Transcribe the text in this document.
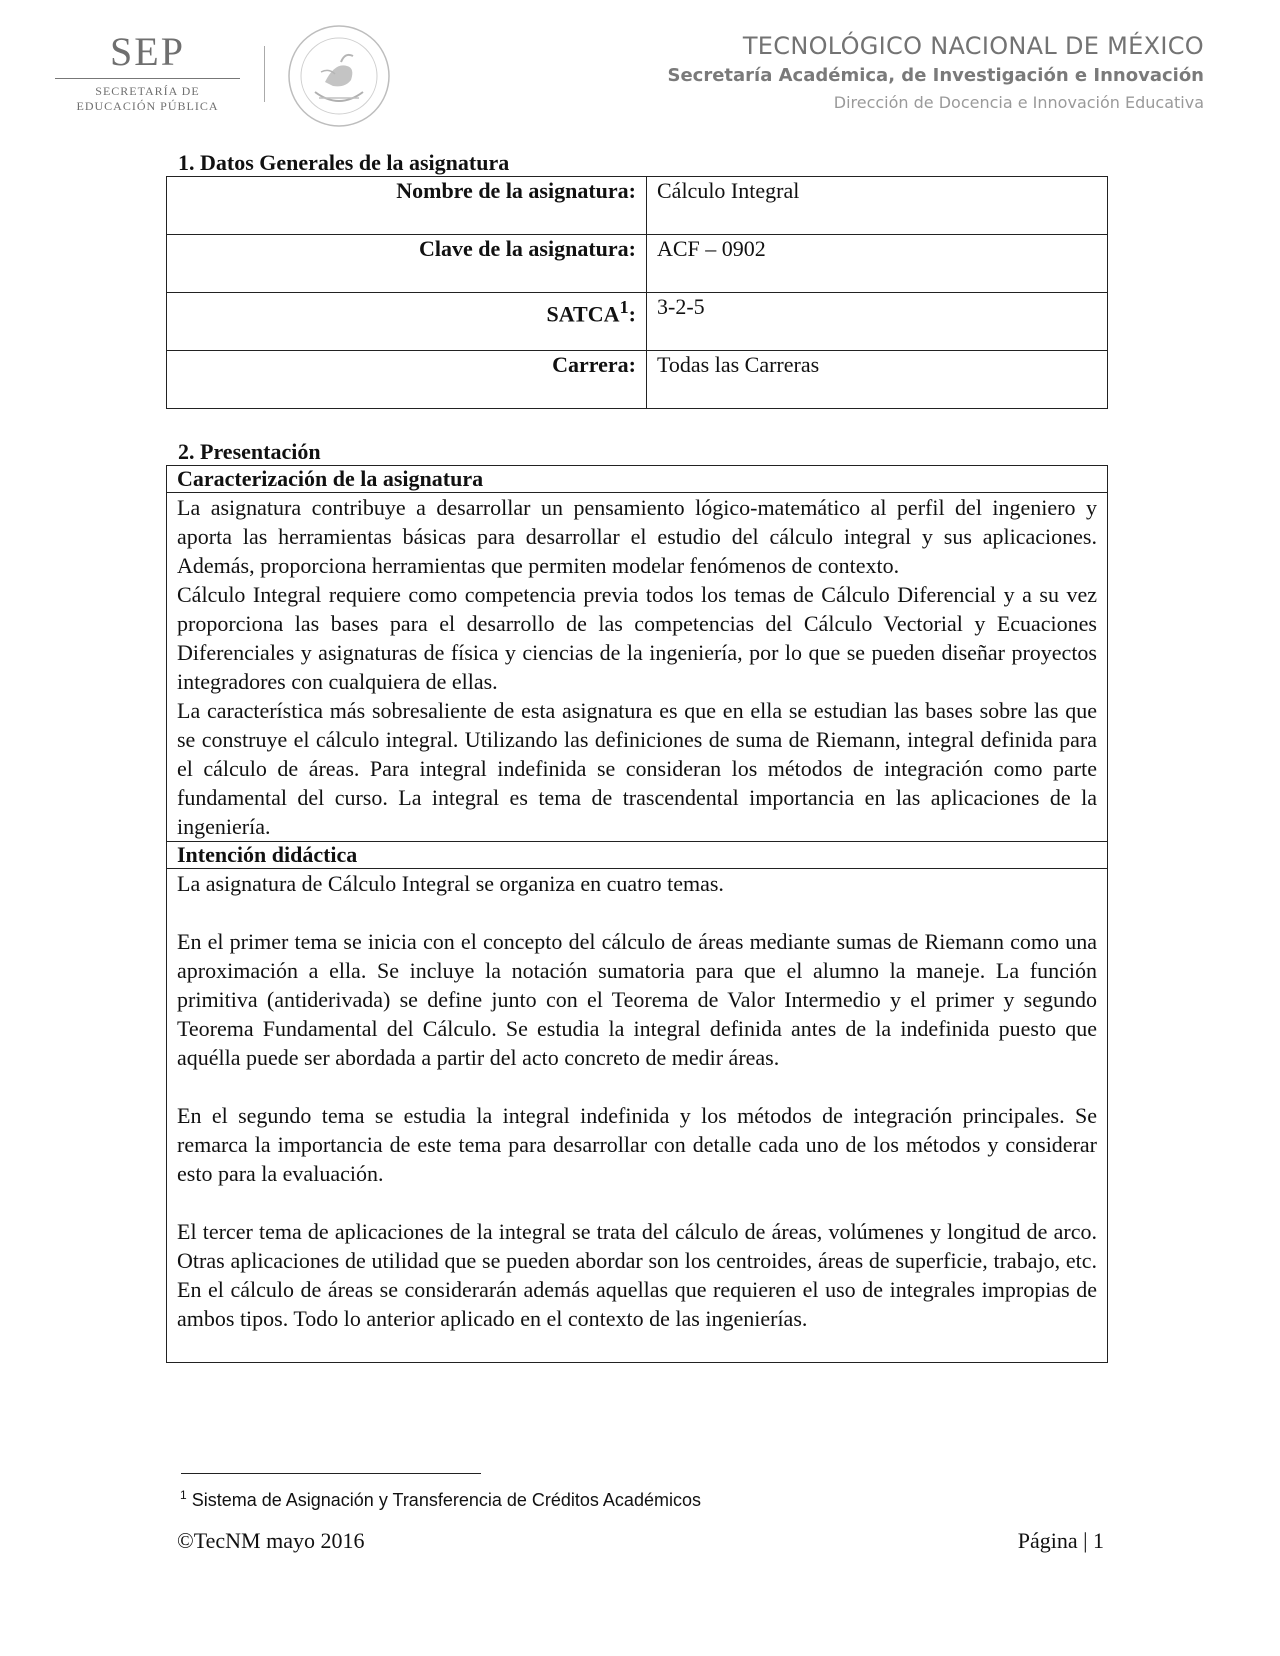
SEP
SECRETARÍA DE
EDUCACIÓN PÚBLICA
TECNOLÓGICO NACIONAL DE MÉXICO
Secretaría Académica, de Investigación e Innovación
Dirección de Docencia e Innovación Educativa
1. Datos Generales de la asignatura
Nombre de la asignatura:	Cálculo Integral
Clave de la asignatura:	ACF – 0902
SATCA$^1$:	3-2-5
Carrera:	Todas las Carreras
2. Presentación
Caracterización de la asignatura

La asignatura contribuye a desarrollar un pensamiento lógico-matemático al perfil del ingeniero y aporta las herramientas básicas para desarrollar el estudio del cálculo integral y sus aplicaciones. Además, proporciona herramientas que permiten modelar fenómenos de contexto.

Cálculo Integral requiere como competencia previa todos los temas de Cálculo Diferencial y a su vez proporciona las bases para el desarrollo de las competencias del Cálculo Vectorial y Ecuaciones Diferenciales y asignaturas de física y ciencias de la ingeniería, por lo que se pueden diseñar proyectos integradores con cualquiera de ellas.

La característica más sobresaliente de esta asignatura es que en ella se estudian las bases sobre las que se construye el cálculo integral. Utilizando las definiciones de suma de Riemann, integral definida para el cálculo de áreas. Para integral indefinida se consideran los métodos de integración como parte fundamental del curso. La integral es tema de trascendental importancia en las aplicaciones de la ingeniería.

Intención didáctica

La asignatura de Cálculo Integral se organiza en cuatro temas.

En el primer tema se inicia con el concepto del cálculo de áreas mediante sumas de Riemann como una aproximación a ella. Se incluye la notación sumatoria para que el alumno la maneje. La función primitiva (antiderivada) se define junto con el Teorema de Valor Intermedio y el primer y segundo Teorema Fundamental del Cálculo. Se estudia la integral definida antes de la indefinida puesto que aquélla puede ser abordada a partir del acto concreto de medir áreas.

En el segundo tema se estudia la integral indefinida y los métodos de integración principales. Se remarca la importancia de este tema para desarrollar con detalle cada uno de los métodos y considerar esto para la evaluación.

El tercer tema de aplicaciones de la integral se trata del cálculo de áreas, volúmenes y longitud de arco. Otras aplicaciones de utilidad que se pueden abordar son los centroides, áreas de superficie, trabajo, etc. En el cálculo de áreas se considerarán además aquellas que requieren el uso de integrales impropias de ambos tipos. Todo lo anterior aplicado en el contexto de las ingenierías.

$^1$ Sistema de Asignación y Transferencia de Créditos Académicos
©TecNM mayo 2016	Página | 1
